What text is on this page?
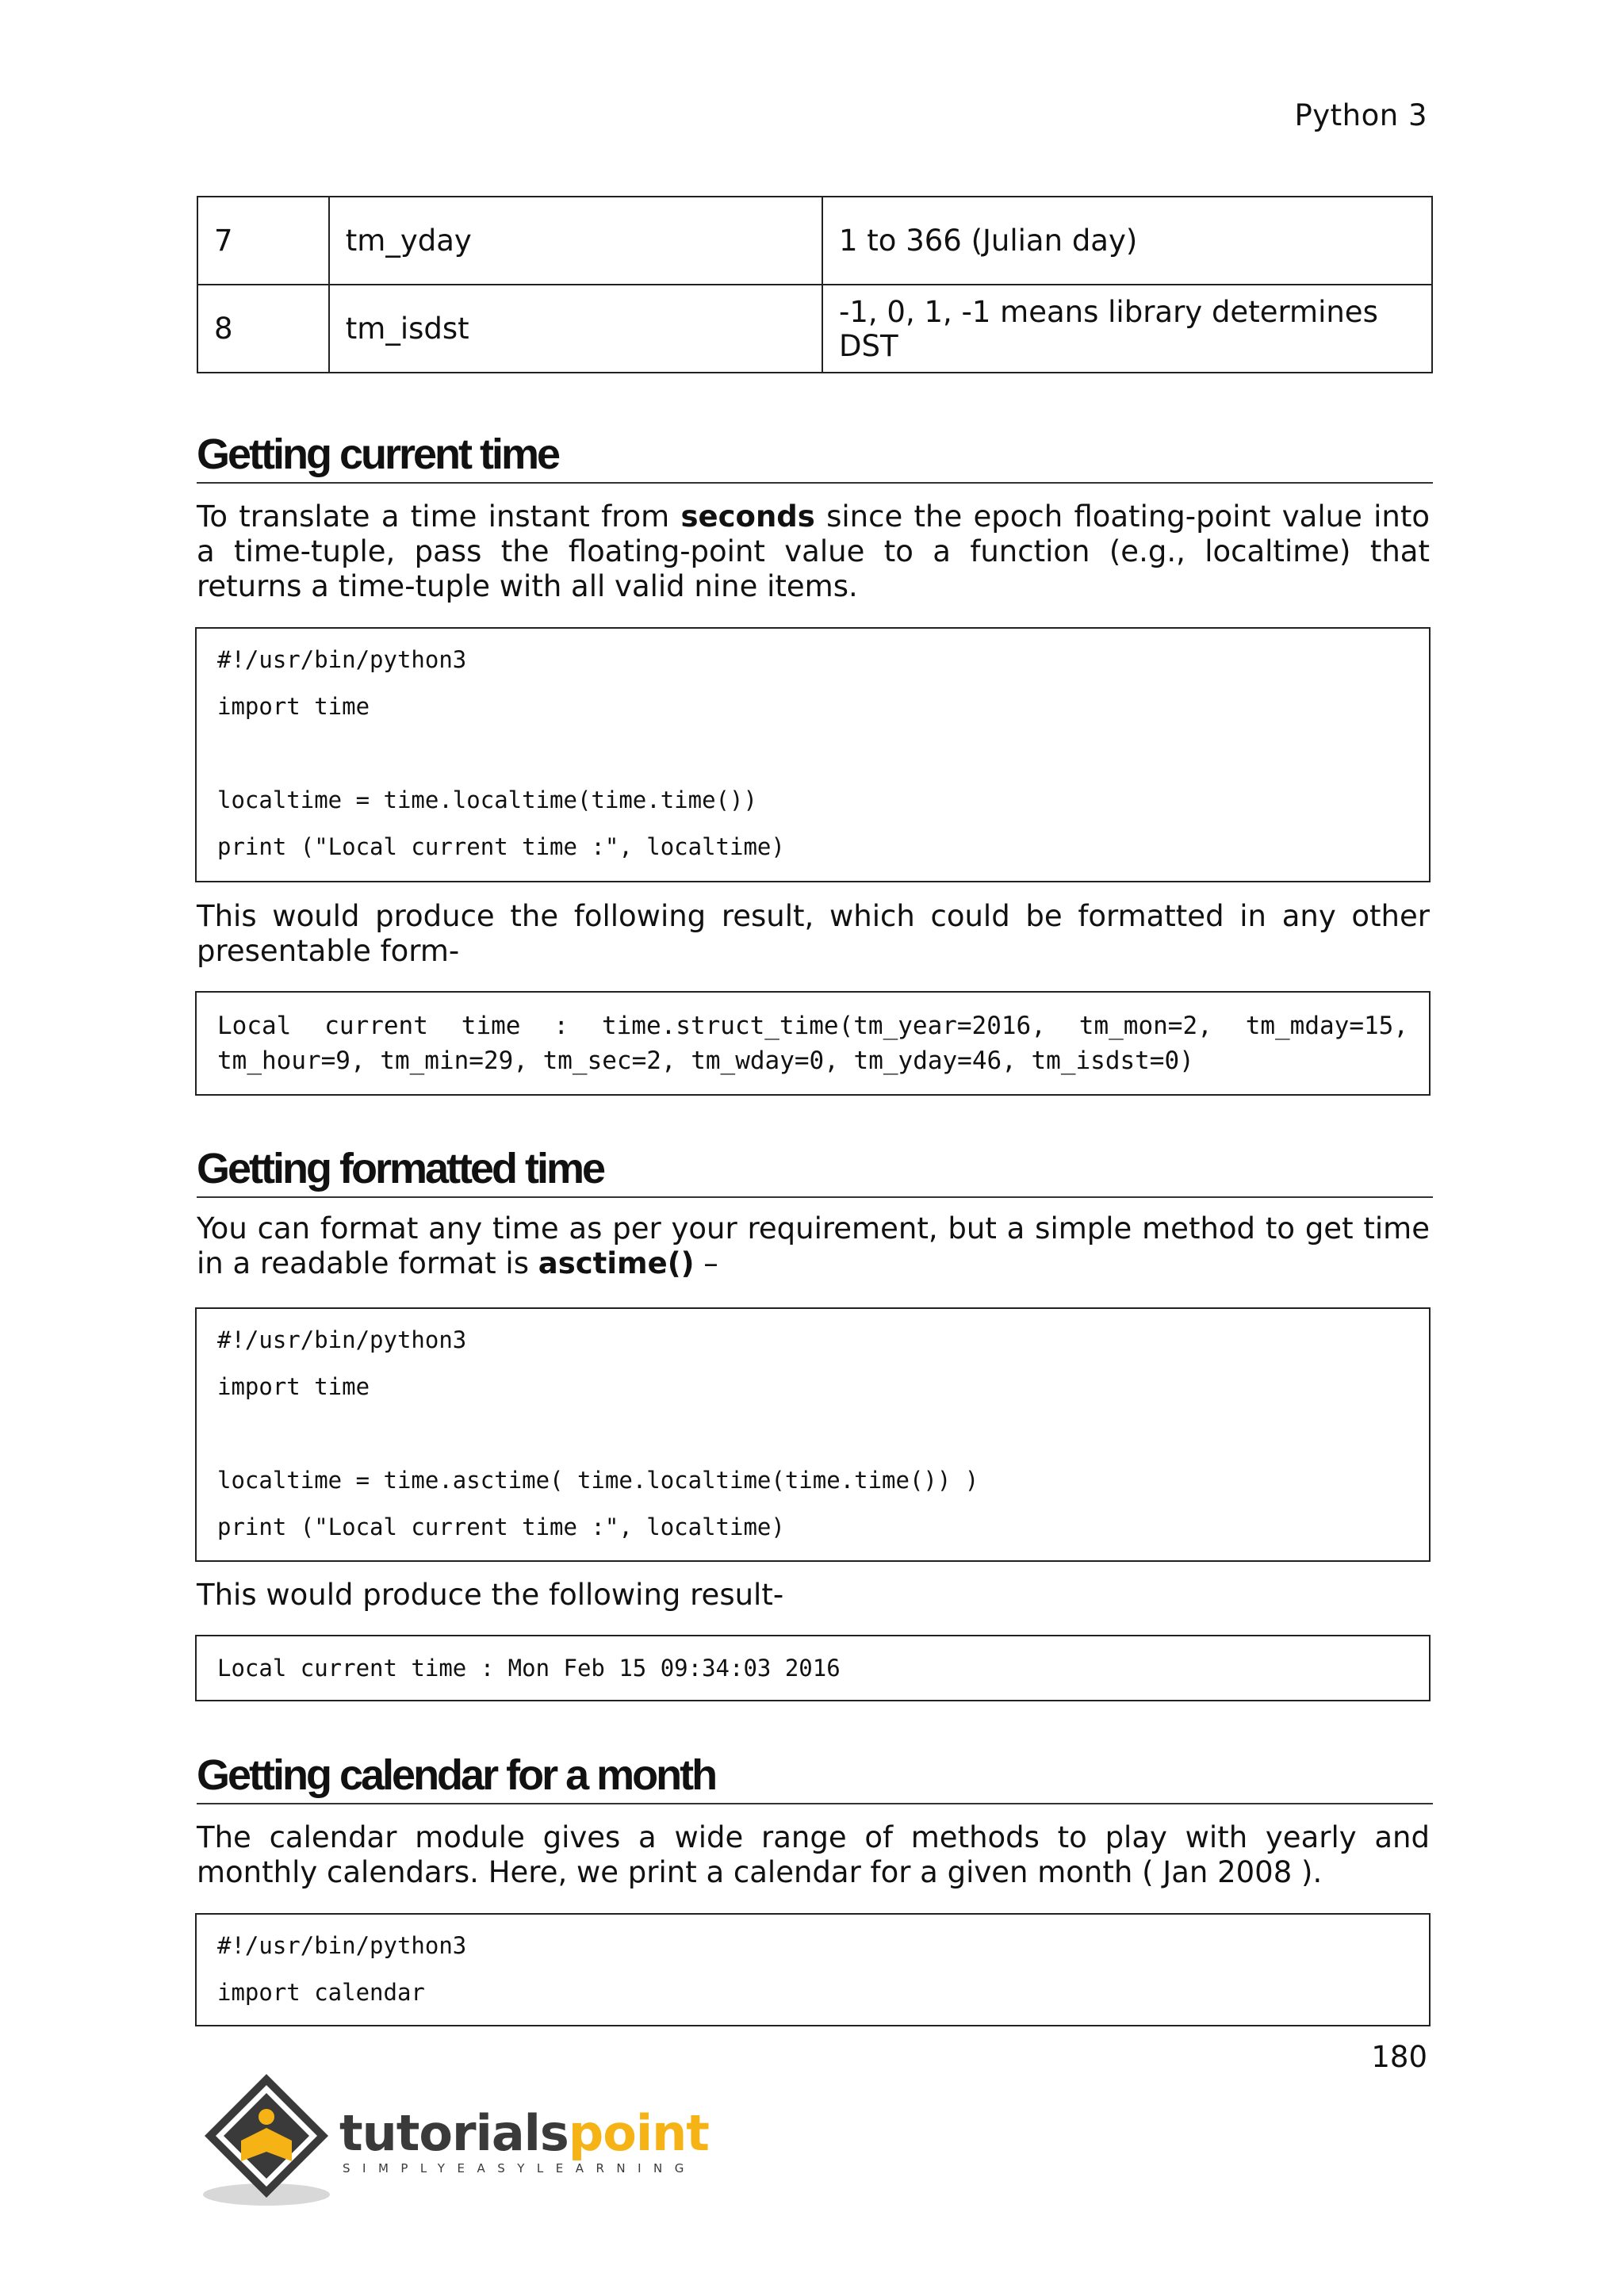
Python 3
7	tm_yday	1 to 366 (Julian day)
8	tm_isdst	-1, 0, 1, -1 means library determines DST
Getting current time
To translate a time instant from seconds since the epoch floating-point value into a time-tuple, pass the floating-point value to a function (e.g., localtime) that returns a time-tuple with all valid nine items.
#!/usr/bin/python3
import time
localtime = time.localtime(time.time())
print ("Local current time :", localtime)
This would produce the following result, which could be formatted in any other presentable form-
Local current time : time.struct_time(tm_year=2016, tm_mon=2, tm_mday=15, tm_hour=9, tm_min=29, tm_sec=2, tm_wday=0, tm_yday=46, tm_isdst=0)
Getting formatted time
You can format any time as per your requirement, but a simple method to get time in a readable format is asctime() –
#!/usr/bin/python3
import time
localtime = time.asctime( time.localtime(time.time()) )
print ("Local current time :", localtime)
This would produce the following result-
Local current time : Mon Feb 15 09:34:03 2016
Getting calendar for a month
The calendar module gives a wide range of methods to play with yearly and monthly calendars. Here, we print a calendar for a given month ( Jan 2008 ).
#!/usr/bin/python3
import calendar
180
tutorialspoint
SIMPLYEASYLEARNING
